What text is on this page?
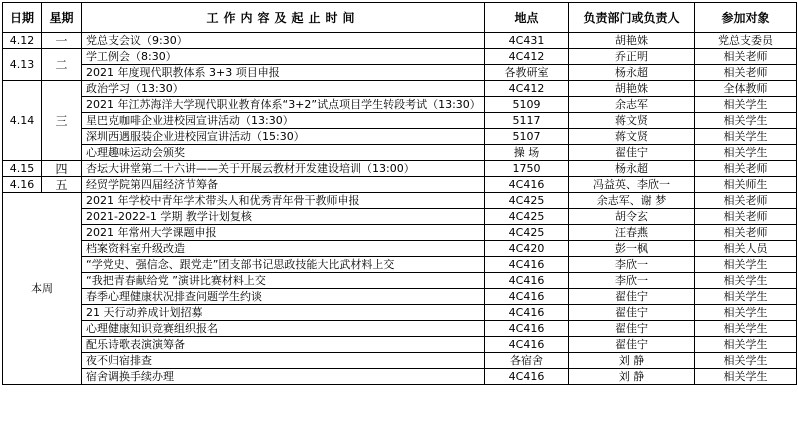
日期	星期	工作内容及起止时间	地点	负责部门或负责人	参加对象
4.12	一	党总支会议（9:30）	4C431	胡艳姝	党总支委员
4.13	二	学工例会（8:30）	4C412	乔正明	相关老师
		2021 年度现代职教体系 3+3 项目申报	各教研室	杨永超	相关老师
4.14	三	政治学习（13:30）	4C412	胡艳姝	全体教师
		2021 年江苏海洋大学现代职业教育体系“3+2”试点项目学生转段考试（13:30）	5109	余志军	相关学生
		星巴克咖啡企业进校园宣讲活动（13:30）	5117	蒋文贤	相关学生
		深圳西遇服装企业进校园宣讲活动（15:30）	5107	蒋文贤	相关学生
		心理趣味运动会颁奖	操 场	翟佳宁	相关学生
4.15	四	杏坛大讲堂第二十六讲——关于开展云教材开发建设培训（13:00）	1750	杨永超	相关老师
4.16	五	经贸学院第四届经济节筹备	4C416	冯益英、李欣一	相关师生
本周		2021 年学校中青年学术带头人和优秀青年骨干教师申报	4C425	余志军、谢 梦	相关老师
		2021-2022-1 学期 教学计划复核	4C425	胡令玄	相关老师
		2021 年常州大学课题申报	4C425	汪春燕	相关老师
		档案资料室升级改造	4C420	彭一枫	相关人员
		“学党史、强信念、跟党走”团支部书记思政技能大比武材料上交	4C416	李欣一	相关学生
		“我把青春献给党 ”演讲比赛材料上交	4C416	李欣一	相关学生
		春季心理健康状况排查问题学生约谈	4C416	翟佳宁	相关学生
		21 天行动养成计划招募	4C416	翟佳宁	相关学生
		心理健康知识竞赛组织报名	4C416	翟佳宁	相关学生
		配乐诗歌表演演筹备	4C416	翟佳宁	相关学生
		夜不归宿排查	各宿舍	刘 静	相关学生
		宿舍调换手续办理	4C416	刘 静	相关学生
